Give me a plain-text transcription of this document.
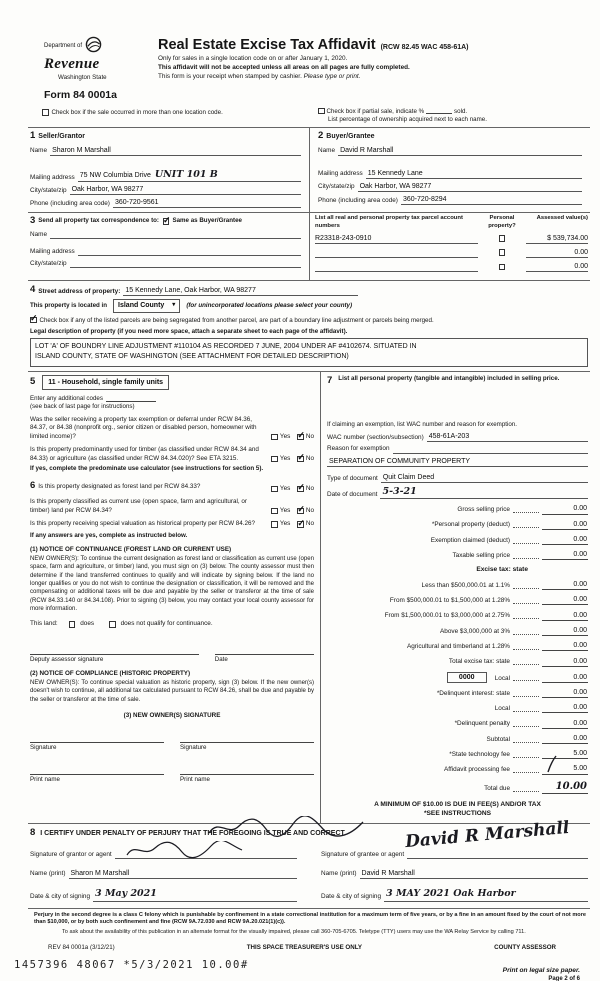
Department of
Revenue
Washington State
Form 84 0001a
Real Estate Excise Tax Affidavit (RCW 82.45 WAC 458-61A)
Only for sales in a single location code on or after January 1, 2020.
This affidavit will not be accepted unless all areas on all pages are fully completed.
This form is your receipt when stamped by cashier. Please type or print.
Check box if the sale occurred in more than one location code.	Check box if partial sale, indicate %	sold.
List percentage of ownership acquired next to each name.
1 Seller/Grantor
Name Sharon M Marshall
Mailing address 75 NW Columbia Drive UNIT 101 B
City/state/zip Oak Harbor, WA 98277
Phone (including area code) 360-720-9561
2 Buyer/Grantee
Name David R Marshall
Mailing address 15 Kennedy Lane
City/state/zip Oak Harbor, WA 98277
Phone (including area code) 360-720-8294
3 Send all property tax correspondence to: ✓ Same as Buyer/Grantee
Name
Mailing address
City/state/zip
List all real and personal property tax parcel account numbers
Personal property?
Assessed value(s)
R23318-243-0910	$ 539,734.00
0.00
0.00
4 Street address of property: 15 Kennedy Lane, Oak Harbor, WA 98277
This property is located in Island County ▾ (for unincorporated locations please select your county)
✓
Check box if any of the listed parcels are being segregated from another parcel, are part of a boundary line adjustment or parcels being merged.
Legal description of property (if you need more space, attach a separate sheet to each page of the affidavit).
LOT 'A' OF BOUNDRY LINE ADJUSTMENT #110104 AS RECORDED 7 JUNE, 2004 UNDER AF #4102674. SITUATED IN
ISLAND COUNTY, STATE OF WASHINGTON (SEE ATTACHMENT FOR DETAILED DESCRIPTION)
5	11 - Household, single family units
Enter any additional codes
(see back of last page for instructions)
Was the seller receiving a property tax exemption or deferral under RCW 84.36, 84.37, or 84.38 (nonprofit org., senior citizen or disabled person, homeowner with limited income)?	Yes ✓ No
Is this property predominantly used for timber (as classified under RCW 84.34 and 84.33) or agriculture (as classified under RCW 84.34.020)? See ETA 3215.	Yes ✓ No
If yes, complete the predominate use calculator (see instructions for section 5).
6 Is this property designated as forest land per RCW 84.33?	Yes ✓ No
Is this property classified as current use (open space, farm and agricultural, or timber) land per RCW 84.34?	Yes ✓ No
Is this property receiving special valuation as historical property per RCW 84.26?	Yes ✓ No
If any answers are yes, complete as instructed below.
(1) NOTICE OF CONTINUANCE (FOREST LAND OR CURRENT USE)
NEW OWNER(S): To continue the current designation as forest land or classification as current use (open space, farm and agriculture, or timber) land, you must sign on (3) below. The county assessor must then determine if the land transferred continues to qualify and will indicate by signing below. If the land no longer qualifies or you do not wish to continue the designation or classification, it will be removed and the compensating or additional taxes will be due and payable by the seller or transferor at the time of sale (RCW 84.33.140 or 84.34.108). Prior to signing (3) below, you may contact your local county assessor for more information.
This land:	does	does not qualify for continuance.
Deputy assessor signature	Date
(2) NOTICE OF COMPLIANCE (HISTORIC PROPERTY)
NEW OWNER(S): To continue special valuation as historic property, sign (3) below. If the new owner(s) doesn't wish to continue, all additional tax calculated pursuant to RCW 84.26, shall be due and payable by the seller or transferor at the time of sale.
(3) NEW OWNER(S) SIGNATURE
Signature	Signature
Print name	Print name
7 List all personal property (tangible and intangible) included in selling price.
If claiming an exemption, list WAC number and reason for exemption.
WAC number (section/subsection) 458-61A-203
Reason for exemption
SEPARATION OF COMMUNITY PROPERTY
Type of document Quit Claim Deed
Date of document 5-3-21
Gross selling price	0.00
*Personal property (deduct)	0.00
Exemption claimed (deduct)	0.00
Taxable selling price	0.00
Excise tax: state
Less than $500,000.01 at 1.1%	0.00
From $500,000.01 to $1,500,000 at 1.28%	0.00
From $1,500,000.01 to $3,000,000 at 2.75%	0.00
Above $3,000,000 at 3%	0.00
Agricultural and timberland at 1.28%	0.00
Total excise tax: state	0.00
0000	Local	0.00
*Delinquent interest: state	0.00
Local	0.00
*Delinquent penalty	0.00
Subtotal	0.00
*State technology fee	5.00
Affidavit processing fee	5.00
Total due	10.00
A MINIMUM OF $10.00 IS DUE IN FEE(S) AND/OR TAX
*SEE INSTRUCTIONS
8 I CERTIFY UNDER PENALTY OF PERJURY THAT THE FOREGOING IS TRUE AND CORRECT	David R Marshall
Signature of grantor or agent
Name (print) Sharon M Marshall
Date & city of signing 3 May 2021
Signature of grantee or agent
Name (print) David R Marshall
Date & city of signing 3 MAY 2021 Oak Harbor
Perjury in the second degree is a class C felony which is punishable by confinement in a state correctional institution for a maximum term of five years, or by a fine in an amount fixed by the court of not more than $10,000, or by both such confinement and fine (RCW 9A.72.030 and RCW 9A.20.021(1)(c)).
To ask about the availability of this publication in an alternate format for the visually impaired, please call 360-705-6705. Teletype (TTY) users may use the WA Relay Service by calling 711.
REV 84 0001a (3/12/21)	THIS SPACE TREASURER'S USE ONLY	COUNTY ASSESSOR
Print on legal size paper.
Page 2 of 6
1457396 48067 *5/3/2021 10.00#
